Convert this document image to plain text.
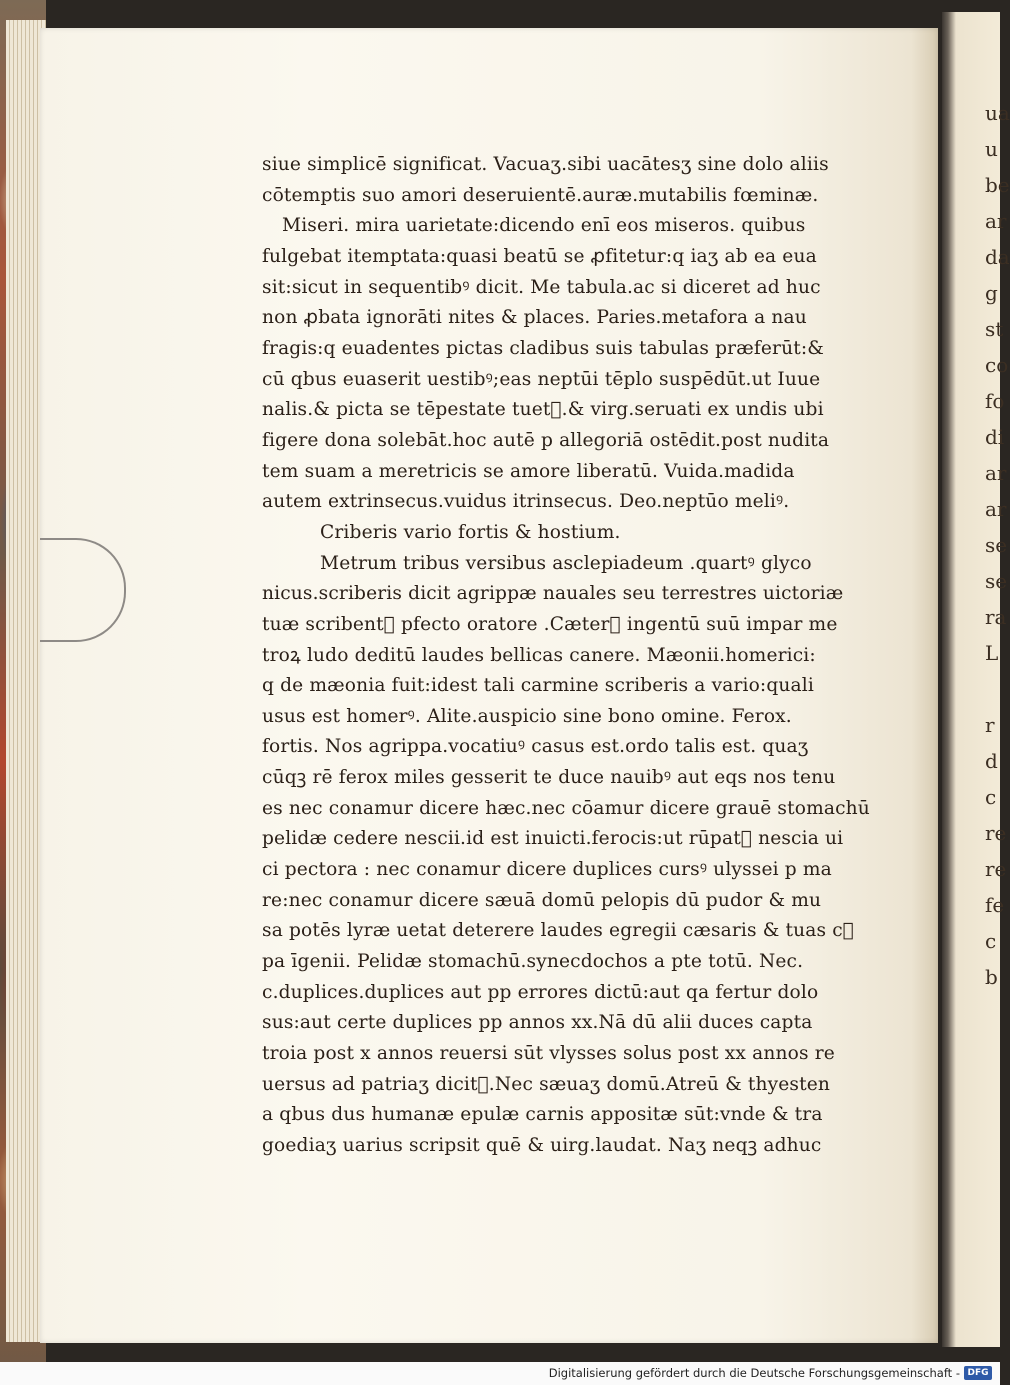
ua
u
be
ar
da
g
st
co
fo
di
ar
ar
se
se
ra
L

r
d
c
re
re
fe
c
b
siue simplicē significat. Vacuaʒ.sibi uacātesʒ sine dolo aliis
cōtemptis suo amori deseruientē.auræ.mutabilis fœminæ.
Miseri. mira uarietate:dicendo enī eos miseros. quibus
fulgebat itemptata:quasi beatū se ꝓfitetur:q iaʒ ab ea eua
sit:sicut in sequentibꝰ dicit. Me tabula.ac si diceret ad huc
non ꝓbata ignorāti nites & places. Paries.metafora a nau
fragis:q euadentes pictas cladibus suis tabulas præferūt:&
cū qbus euaserit uestibꝰ;eas neptūi tēplo suspēdūt.ut Iuue
nalis.& picta se tēpestate tuetᷣ.& virg.seruati ex undis ubi
figere dona solebāt.hoc autē p allegoriā ostēdit.post nudita
tem suam a meretricis se amore liberatū. Vuida.madida
autem extrinsecus.vuidus itrinsecus. Deo.neptūo meliꝰ.
Criberis vario fortis & hostium.
Metrum tribus versibus asclepiadeum .quartꝰ glyco
nicus.scriberis dicit agrippæ nauales seu terrestres uictoriæ
tuæ scribentᷣ pfecto oratore .Cæterꝝ ingentū suū impar me
troꝝ ludo deditū laudes bellicas canere. Mæonii.homerici:
q de mæonia fuit:idest tali carmine scriberis a vario:quali
usus est homerꝰ. Alite.auspicio sine bono omine. Ferox.
fortis. Nos agrippa.vocatiuꝰ casus est.ordo talis est. quaʒ
cūqꝫ rē ferox miles gesserit te duce nauibꝰ aut eqs nos tenu
es nec conamur dicere hæc.nec cōamur dicere grauē stomachū
pelidæ cedere nescii.id est inuicti.ferocis:ut rūpatᷣ nescia ui
ci pectora : nec conamur dicere duplices cursꝰ ulyssei p ma
re:nec conamur dicere sæuā domū pelopis dū pudor & mu
sa potēs lyræ uetat deterere laudes egregii cæsaris & tuas cᷣ
pa īgenii. Pelidæ stomachū.synecdochos a pte totū. Nec.
c.duplices.duplices aut pp errores dictū:aut qa fertur dolo
sus:aut certe duplices pp annos xx.Nā dū alii duces capta
troia post x annos reuersi sūt vlysses solus post xx annos re
uersus ad patriaʒ dicitᷣ.Nec sæuaʒ domū.Atreū & thyesten
a qbus dus humanæ epulæ carnis appositæ sūt:vnde & tra
goediaʒ uarius scripsit quē & uirg.laudat. Naʒ neqꝫ adhuc
Digitalisierung gefördert durch die Deutsche Forschungsgemeinschaft - DFG
